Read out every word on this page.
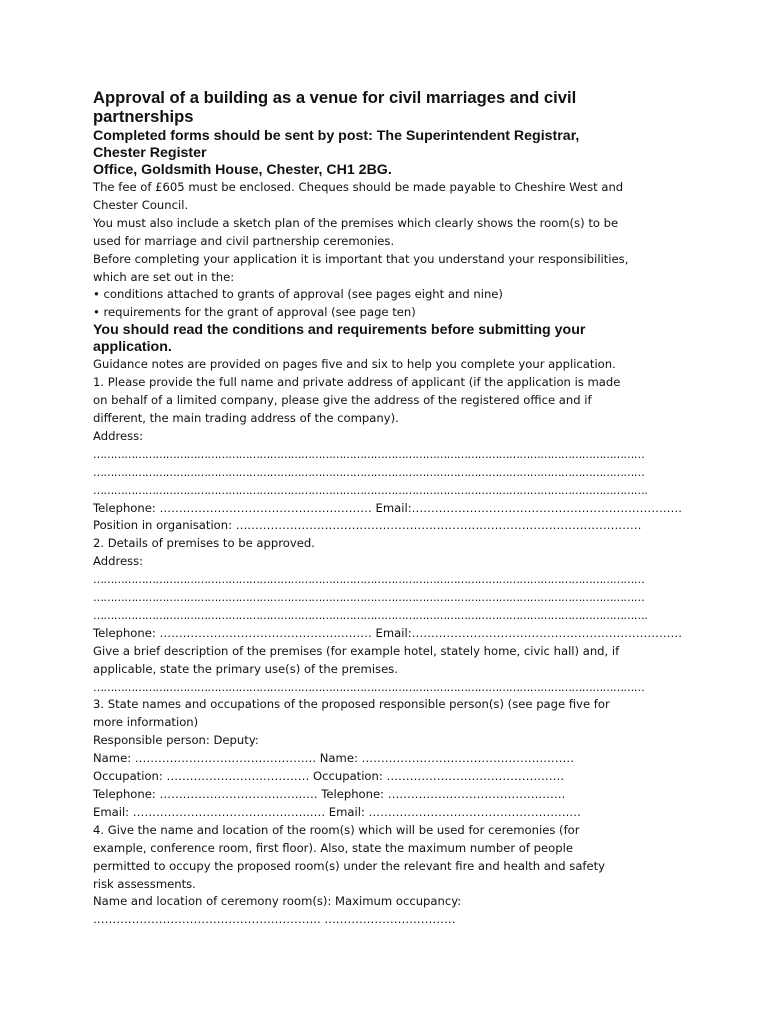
Approval of a building as a venue for civil marriages and civil
partnerships
Completed forms should be sent by post: The Superintendent Registrar,
Chester Register
Office, Goldsmith House, Chester, CH1 2BG.
The fee of £605 must be enclosed. Cheques should be made payable to Cheshire West and
Chester Council.
You must also include a sketch plan of the premises which clearly shows the room(s) to be
used for marriage and civil partnership ceremonies.
Before completing your application it is important that you understand your responsibilities,
which are set out in the:
• conditions attached to grants of approval (see pages eight and nine)
• requirements for the grant of approval (see page ten)
You should read the conditions and requirements before submitting your
application.
Guidance notes are provided on pages five and six to help you complete your application.
1. Please provide the full name and private address of applicant (if the application is made
on behalf of a limited company, please give the address of the registered office and if
different, the main trading address of the company).
Address:
……………………………………………………………………………………………………………………………………………
……………………………………………………………………………………………………………………………………………
…………………………………………………………………………………………………………………………………………….
Telephone: ……………………………………….……… Email:…………………………………………………………….
Position in organisation: ……………………………………………………………………………………………
2. Details of premises to be approved.
Address:
……………………………………………………………………………………………………………………………………………
……………………………………………………………………………………………………………………………………………
…………………………………………………………………………………………………………………………………………….
Telephone: ……………………………………….……… Email:…………………………………………………………….
Give a brief description of the premises (for example hotel, stately home, civic hall) and, if
applicable, state the primary use(s) of the premises.
……………………………………………………………………………………………………………………………………………
3. State names and occupations of the proposed responsible person(s) (see page five for
more information)
Responsible person: Deputy:
Name: …………………………….…………. Name: ……………………………………………….
Occupation: …………………….………… Occupation: ……………………………………….
Telephone: ……………………………….…. Telephone: ……………………………………….
Email: …………………………………..…..…. Email: …………………………………………….…
4. Give the name and location of the room(s) which will be used for ceremonies (for
example, conference room, first floor). Also, state the maximum number of people
permitted to occupy the proposed room(s) under the relevant fire and health and safety
risk assessments.
Name and location of ceremony room(s): Maximum occupancy:
………………………………………………….. ….…………………………
